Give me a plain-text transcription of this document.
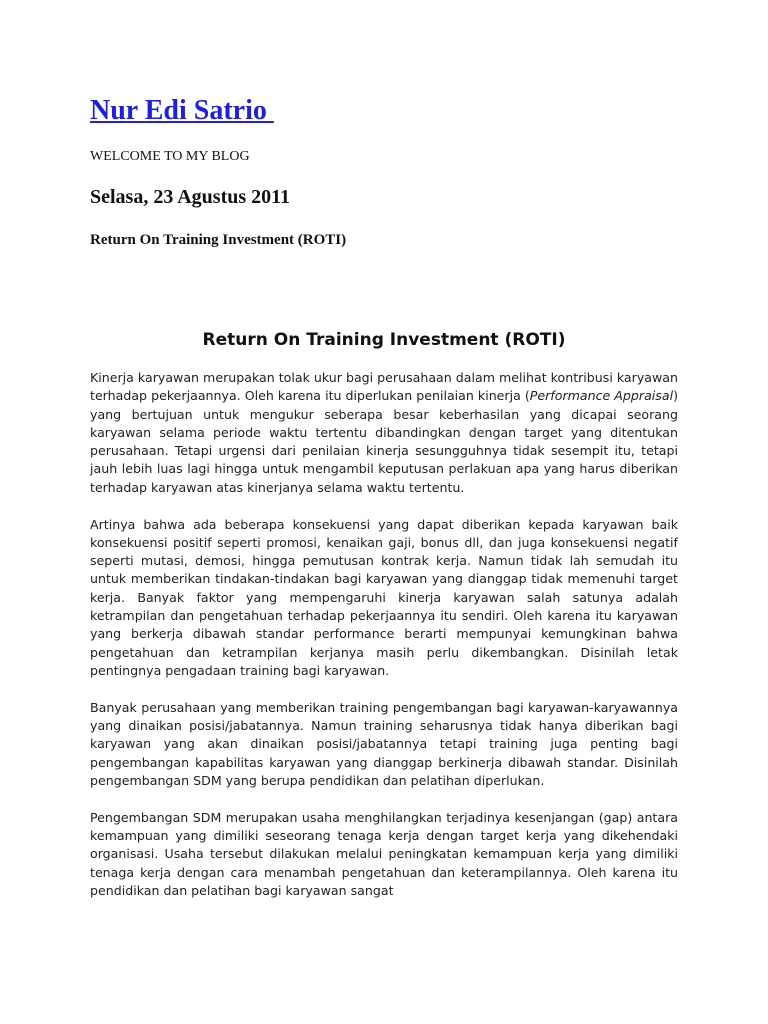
Nur Edi Satrio
WELCOME TO MY BLOG
Selasa, 23 Agustus 2011
Return On Training Investment (ROTI)
Return On Training Investment (ROTI)

Kinerja karyawan merupakan tolak ukur bagi perusahaan dalam melihat kontribusi karyawan terhadap pekerjaannya. Oleh karena itu diperlukan penilaian kinerja (Performance Appraisal) yang bertujuan untuk mengukur seberapa besar keberhasilan yang dicapai seorang karyawan selama periode waktu tertentu dibandingkan dengan target yang ditentukan perusahaan. Tetapi urgensi dari penilaian kinerja sesungguhnya tidak sesempit itu, tetapi jauh lebih luas lagi hingga untuk mengambil keputusan perlakuan apa yang harus diberikan terhadap karyawan atas kinerjanya selama waktu tertentu.

Artinya bahwa ada beberapa konsekuensi yang dapat diberikan kepada karyawan baik konsekuensi positif seperti promosi, kenaikan gaji, bonus dll, dan juga konsekuensi negatif seperti mutasi, demosi, hingga pemutusan kontrak kerja. Namun tidak lah semudah itu untuk memberikan tindakan-tindakan bagi karyawan yang dianggap tidak memenuhi target kerja. Banyak faktor yang mempengaruhi kinerja karyawan salah satunya adalah ketrampilan dan pengetahuan terhadap pekerjaannya itu sendiri. Oleh karena itu karyawan yang berkerja dibawah standar performance berarti mempunyai kemungkinan bahwa pengetahuan dan ketrampilan kerjanya masih perlu dikembangkan. Disinilah letak pentingnya pengadaan training bagi karyawan.

Banyak perusahaan yang memberikan training pengembangan bagi karyawan-karyawannya yang dinaikan posisi/jabatannya. Namun training seharusnya tidak hanya diberikan bagi karyawan yang akan dinaikan posisi/jabatannya tetapi training juga penting bagi pengembangan kapabilitas karyawan yang dianggap berkinerja dibawah standar. Disinilah pengembangan SDM yang berupa pendidikan dan pelatihan diperlukan.

Pengembangan SDM merupakan usaha menghilangkan terjadinya kesenjangan (gap) antara kemampuan yang dimiliki seseorang tenaga kerja dengan target kerja yang dikehendaki organisasi. Usaha tersebut dilakukan melalui peningkatan kemampuan kerja yang dimiliki tenaga kerja dengan cara menambah pengetahuan dan keterampilannya. Oleh karena itu pendidikan dan pelatihan bagi karyawan sangat
